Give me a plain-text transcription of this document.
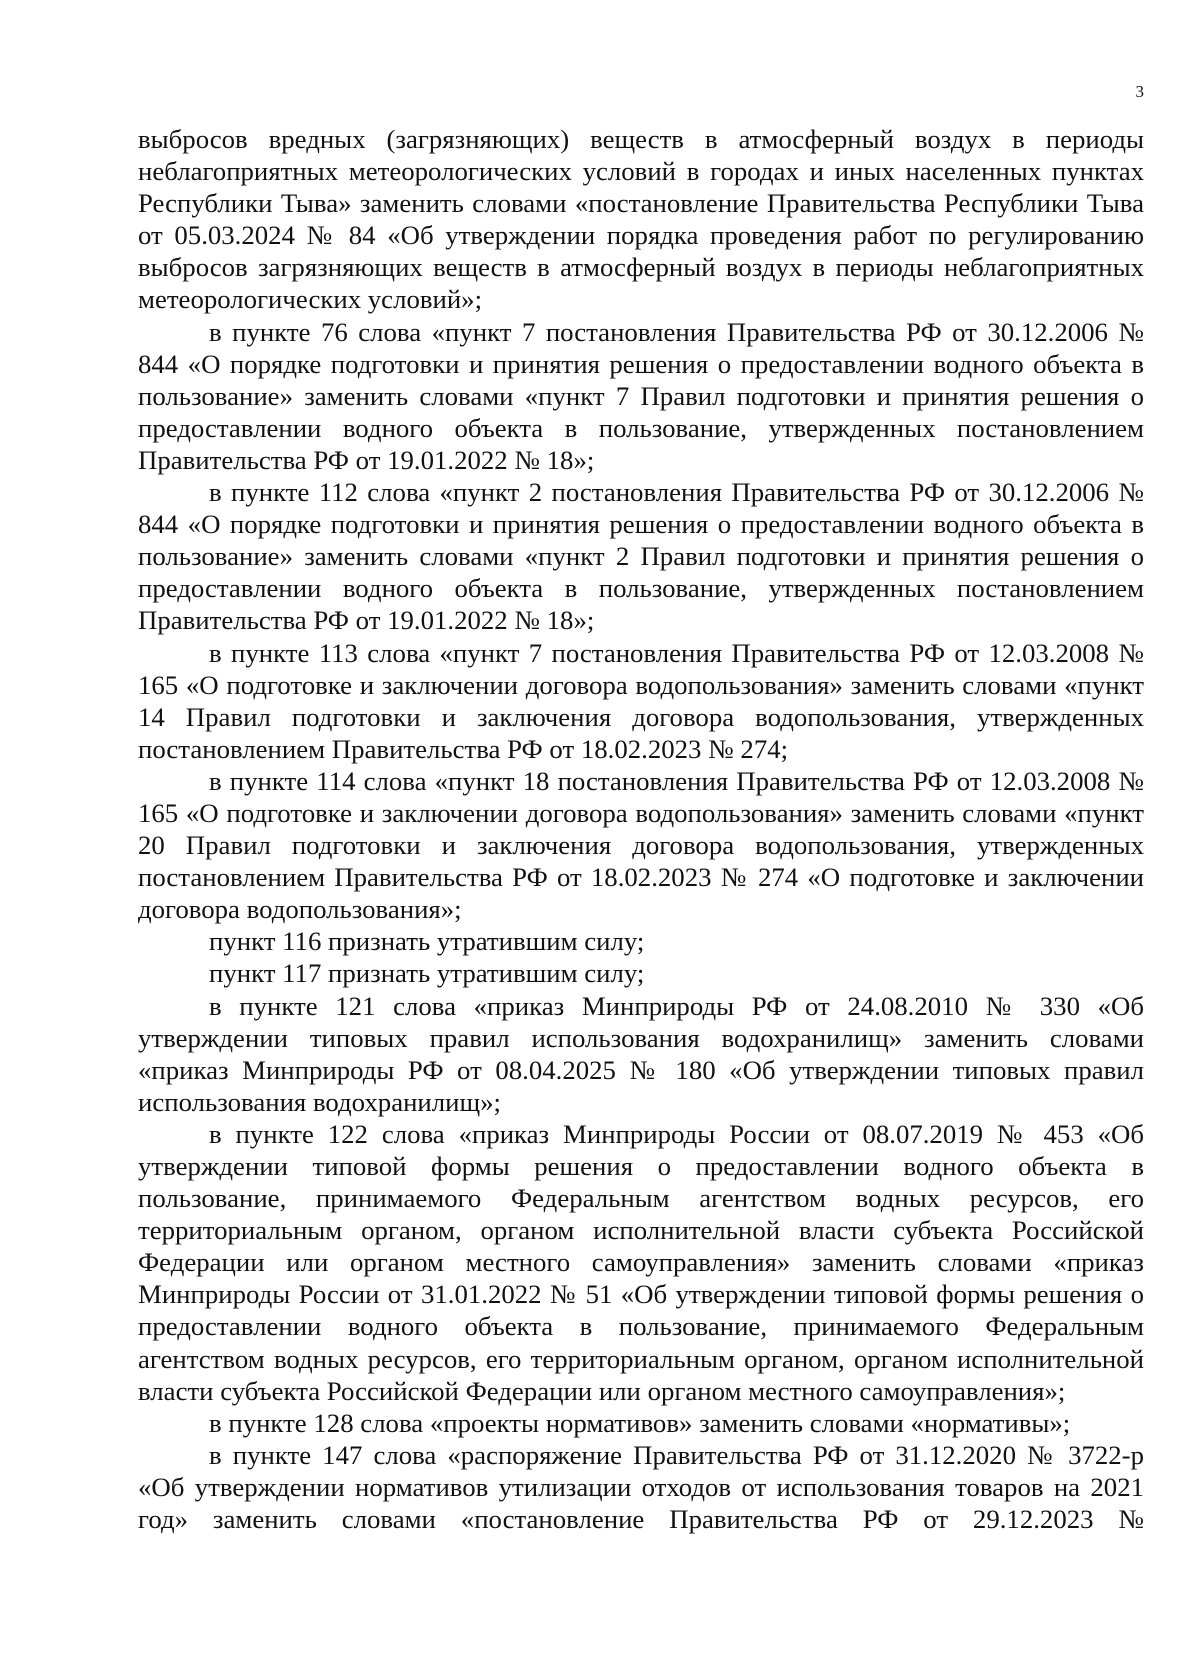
3

выбросов вредных (загрязняющих) веществ в атмосферный воздух в периоды неблагоприятных метеорологических условий в городах и иных населенных пунктах Республики Тыва» заменить словами «постановление Правительства Республики Тыва от 05.03.2024 № 84 «Об утверждении порядка проведения работ по регулированию выбросов загрязняющих веществ в атмосферный воздух в периоды неблагоприятных метеорологических условий»;

в пункте 76 слова «пункт 7 постановления Правительства РФ от 30.12.2006 № 844 «О порядке подготовки и принятия решения о предоставлении водного объекта в пользование» заменить словами «пункт 7 Правил подготовки и принятия решения о предоставлении водного объекта в пользование, утвержденных постановлением Правительства РФ от 19.01.2022 № 18»;

в пункте 112 слова «пункт 2 постановления Правительства РФ от 30.12.2006 № 844 «О порядке подготовки и принятия решения о предоставлении водного объекта в пользование» заменить словами «пункт 2 Правил подготовки и принятия решения о предоставлении водного объекта в пользование, утвержденных постановлением Правительства РФ от 19.01.2022 № 18»;

в пункте 113 слова «пункт 7 постановления Правительства РФ от 12.03.2008 № 165 «О подготовке и заключении договора водопользования» заменить словами «пункт 14 Правил подготовки и заключения договора водопользования, утвержденных постановлением Правительства РФ от 18.02.2023 № 274;

в пункте 114 слова «пункт 18 постановления Правительства РФ от 12.03.2008 № 165 «О подготовке и заключении договора водопользования» заменить словами «пункт 20 Правил подготовки и заключения договора водопользования, утвержденных постановлением Правительства РФ от 18.02.2023 № 274 «О подготовке и заключении договора водопользования»;

пункт 116 признать утратившим силу;

пункт 117 признать утратившим силу;

в пункте 121 слова «приказ Минприроды РФ от 24.08.2010 № 330 «Об утверждении типовых правил использования водохранилищ» заменить словами «приказ Минприроды РФ от 08.04.2025 № 180 «Об утверждении типовых правил использования водохранилищ»;

в пункте 122 слова «приказ Минприроды России от 08.07.2019 № 453 «Об утверждении типовой формы решения о предоставлении водного объекта в пользование, принимаемого Федеральным агентством водных ресурсов, его территориальным органом, органом исполнительной власти субъекта Российской Федерации или органом местного самоуправления» заменить словами «приказ Минприроды России от 31.01.2022 № 51 «Об утверждении типовой формы решения о предоставлении водного объекта в пользование, принимаемого Федеральным агентством водных ресурсов, его территориальным органом, органом исполнительной власти субъекта Российской Федерации или органом местного самоуправления»;

в пункте 128 слова «проекты нормативов» заменить словами «нормативы»;

в пункте 147 слова «распоряжение Правительства РФ от 31.12.2020 № 3722-р «Об утверждении нормативов утилизации отходов от использования товаров на 2021 год» заменить словами «постановление Правительства РФ от 29.12.2023 №
